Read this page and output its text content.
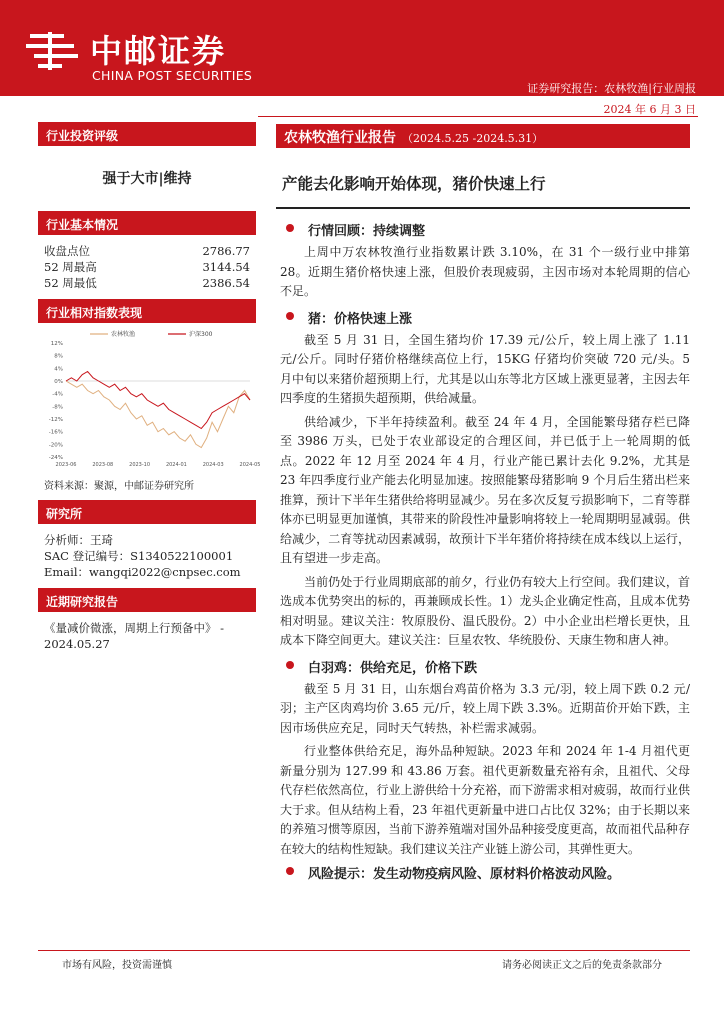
中邮证券
CHINA POST SECURITIES
证券研究报告：农林牧渔|行业周报
2024 年 6 月 3 日
行业投资评级
强于大市|维持
行业基本情况
收盘点位	2786.77
52 周最高	3144.54
52 周最低	2386.54
行业相对指数表现
12%
8%
4%
0%
-4%
-8%
-12%
-16%
-20%
-24%
2023-06	2023-08	2023-10	2024-01	2024-03	2024-05
农林牧渔	沪深300
资料来源：聚源，中邮证券研究所
研究所
分析师：王琦
SAC 登记编号：S1340522100001
Email：wangqi2022@cnpsec.com
近期研究报告
《量减价微涨，周期上行预备中》 - 2024.05.27
农林牧渔行业报告 （2024.5.25 -2024.5.31）
产能去化影响开始体现，猪价快速上行
行情回顾：持续调整
上周中万农林牧渔行业指数累计跌 3.10%，在 31 个一级行业中排第 28。近期生猪价格快速上涨，但股价表现疲弱，主因市场对本轮周期的信心不足。
猪：价格快速上涨
截至 5 月 31 日，全国生猪均价 17.39 元/公斤，较上周上涨了 1.11 元/公斤。同时仔猪价格继续高位上行，15KG 仔猪均价突破 720 元/头。5 月中旬以来猪价超预期上行，尤其是以山东等北方区域上涨更显著，主因去年四季度的生猪损失超预期，供给减量。
供给减少，下半年持续盈利。截至 24 年 4 月，全国能繁母猪存栏已降至 3986 万头，已处于农业部设定的合理区间，并已低于上一轮周期的低点。2022 年 12 月至 2024 年 4 月，行业产能已累计去化 9.2%，尤其是 23 年四季度行业产能去化明显加速。按照能繁母猪影响 9 个月后生猪出栏来推算，预计下半年生猪供给将明显减少。另在多次反复亏损影响下，二育等群体亦已明显更加谨慎，其带来的阶段性冲量影响将较上一轮周期明显减弱。供给减少，二育等扰动因素减弱，故预计下半年猪价将持续在成本线以上运行，且有望进一步走高。
当前仍处于行业周期底部的前夕，行业仍有较大上行空间。我们建议，首选成本优势突出的标的，再兼顾成长性。1）龙头企业确定性高，且成本优势相对明显。建议关注：牧原股份、温氏股份。2）中小企业出栏增长更快，且成本下降空间更大。建议关注：巨星农牧、华统股份、天康生物和唐人神。
白羽鸡：供给充足，价格下跌
截至 5 月 31 日，山东烟台鸡苗价格为 3.3 元/羽，较上周下跌 0.2 元/羽；主产区肉鸡均价 3.65 元/斤，较上周下跌 3.3%。近期苗价开始下跌，主因市场供应充足，同时天气转热，补栏需求减弱。
行业整体供给充足，海外品种短缺。2023 年和 2024 年 1-4 月祖代更新量分别为 127.99 和 43.86 万套。祖代更新数量充裕有余，且祖代、父母代存栏依然高位，行业上游供给十分充裕，而下游需求相对疲弱，故而行业供大于求。但从结构上看，23 年祖代更新量中进口占比仅 32%；由于长期以来的养殖习惯等原因，当前下游养殖端对国外品种接受度更高，故而祖代品种存在较大的结构性短缺。我们建议关注产业链上游公司，其弹性更大。
风险提示：发生动物疫病风险、原材料价格波动风险。
市场有风险，投资需谨慎	请务必阅读正文之后的免责条款部分
